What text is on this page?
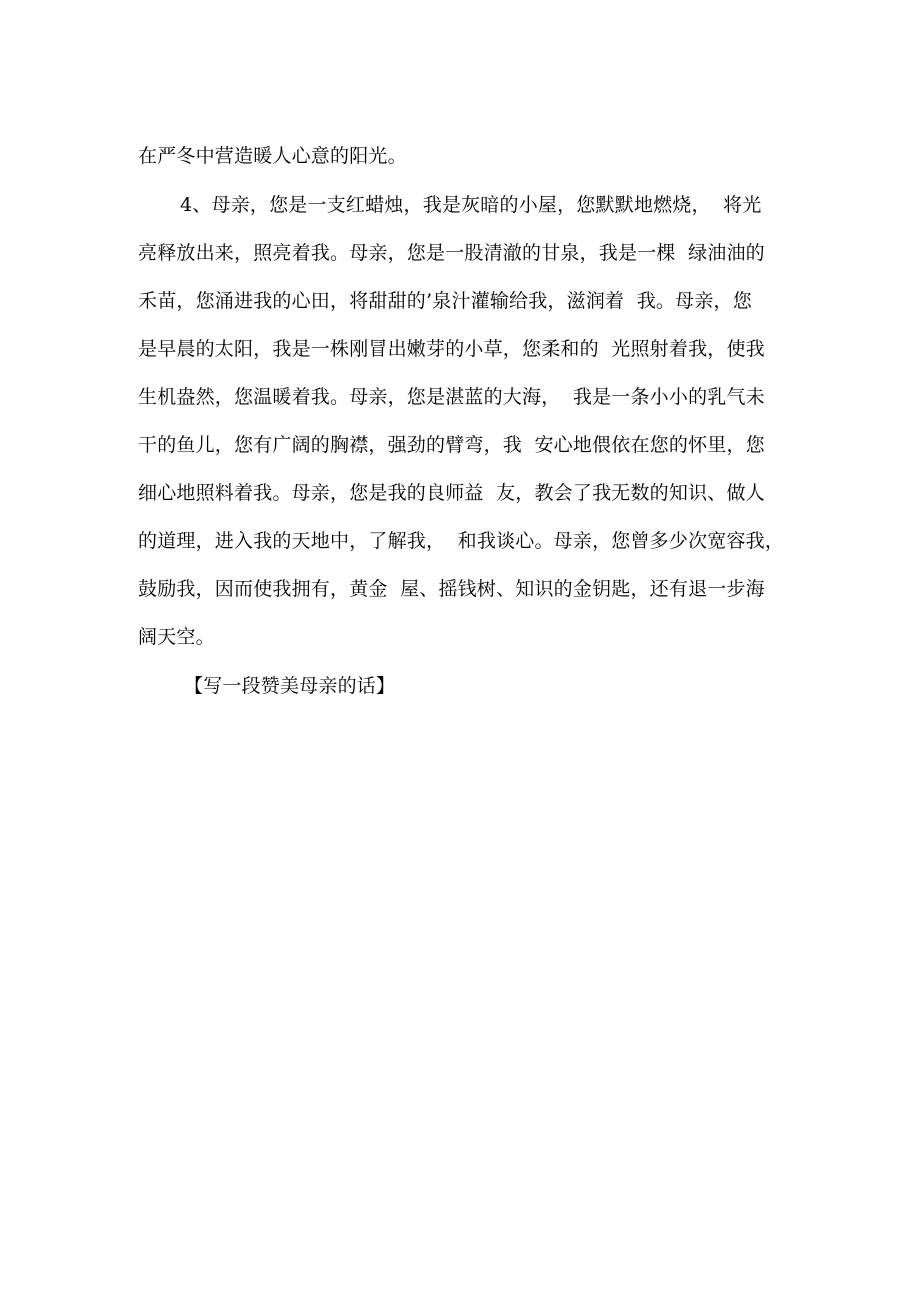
在严冬中营造暖人心意的阳光。
4、母亲，您是一支红蜡烛，我是灰暗的小屋，您默默地燃烧，  将光
亮释放出来，照亮着我。母亲，您是一股清澈的甘泉，我是一棵  绿油油的
禾苗，您涌进我的心田，将甜甜的’泉汁灌输给我，滋润着  我。母亲，您
是早晨的太阳，我是一株刚冒出嫩芽的小草，您柔和的  光照射着我，使我
生机盎然，您温暖着我。母亲，您是湛蓝的大海，  我是一条小小的乳气未
干的鱼儿，您有广阔的胸襟，强劲的臂弯，我  安心地偎依在您的怀里，您
细心地照料着我。母亲，您是我的良师益  友，教会了我无数的知识、做人
的道理，进入我的天地中，了解我，  和我谈心。母亲，您曾多少次宽容我，
鼓励我，因而使我拥有，黄金  屋、摇钱树、知识的金钥匙，还有退一步海
阔天空。
【写一段赞美母亲的话】
